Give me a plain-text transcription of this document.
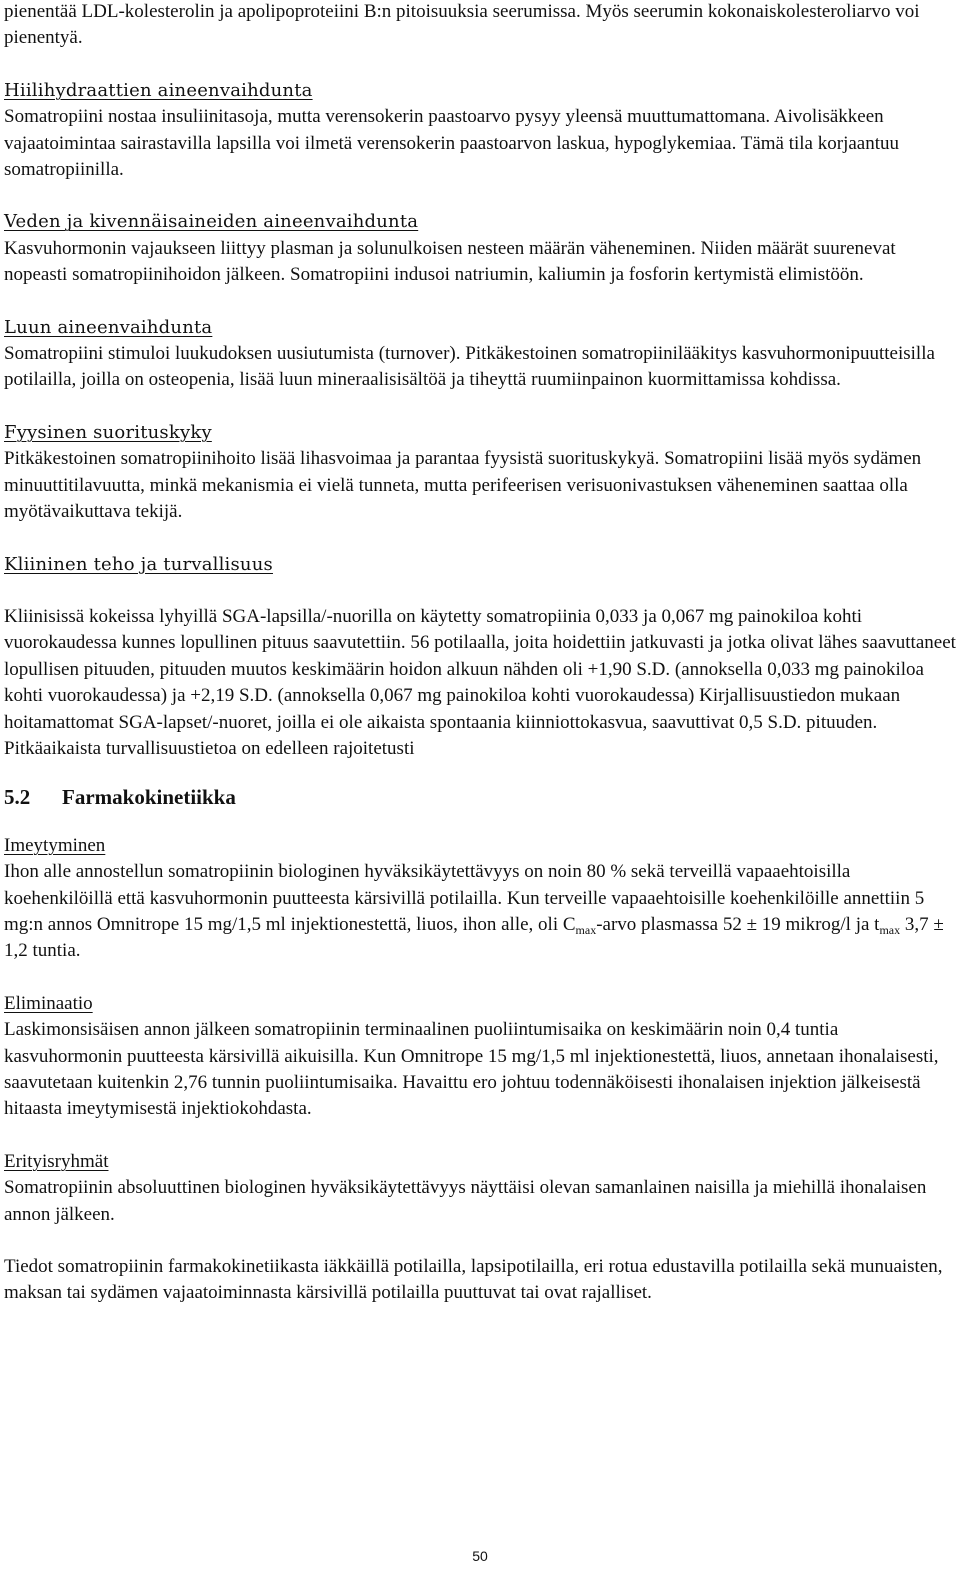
pienentää LDL-kolesterolin ja apolipoproteiini B:n pitoisuuksia seerumissa. Myös seerumin kokonaiskolesteroliarvo voi pienentyä.

Hiilihydraattien aineenvaihdunta

Somatropiini nostaa insuliinitasoja, mutta verensokerin paastoarvo pysyy yleensä muuttumattomana. Aivolisäkkeen vajaatoimintaa sairastavilla lapsilla voi ilmetä verensokerin paastoarvon laskua, hypoglykemiaa. Tämä tila korjaantuu somatropiinilla.

Veden ja kivennäisaineiden aineenvaihdunta

Kasvuhormonin vajaukseen liittyy plasman ja solunulkoisen nesteen määrän väheneminen. Niiden määrät suurenevat nopeasti somatropiinihoidon jälkeen. Somatropiini indusoi natriumin, kaliumin ja fosforin kertymistä elimistöön.

Luun aineenvaihdunta

Somatropiini stimuloi luukudoksen uusiutumista (turnover). Pitkäkestoinen somatropiinilääkitys kasvuhormonipuutteisilla potilailla, joilla on osteopenia, lisää luun mineraalisisältöä ja tiheyttä ruumiinpainon kuormittamissa kohdissa.

Fyysinen suorituskyky

Pitkäkestoinen somatropiinihoito lisää lihasvoimaa ja parantaa fyysistä suorituskykyä. Somatropiini lisää myös sydämen minuuttitilavuutta, minkä mekanismia ei vielä tunneta, mutta perifeerisen verisuonivastuksen väheneminen saattaa olla myötävaikuttava tekijä.

Kliininen teho ja turvallisuus

Kliinisissä kokeissa lyhyillä SGA-lapsilla/-nuorilla on käytetty somatropiinia 0,033 ja 0,067 mg painokiloa kohti vuorokaudessa kunnes lopullinen pituus saavutettiin. 56 potilaalla, joita hoidettiin jatkuvasti ja jotka olivat lähes saavuttaneet lopullisen pituuden, pituuden muutos keskimäärin hoidon alkuun nähden oli +1,90 S.D. (annoksella 0,033 mg painokiloa kohti vuorokaudessa) ja +2,19 S.D. (annoksella 0,067 mg painokiloa kohti vuorokaudessa) Kirjallisuustiedon mukaan hoitamattomat SGA-lapset/-nuoret, joilla ei ole aikaista spontaania kiinniottokasvua, saavuttivat 0,5 S.D. pituuden. Pitkäaikaista turvallisuustietoa on edelleen rajoitetusti

5.2 Farmakokinetiikka

Imeytyminen

Ihon alle annostellun somatropiinin biologinen hyväksikäytettävyys on noin 80 % sekä terveillä vapaaehtoisilla koehenkilöillä että kasvuhormonin puutteesta kärsivillä potilailla. Kun terveille vapaaehtoisille koehenkilöille annettiin 5 mg:n annos Omnitrope 15 mg/1,5 ml injektionestettä, liuos, ihon alle, oli $C_{max}$-arvo plasmassa 52 ± 19 mikrog/l ja $t_{max}$ 3,7 ± 1,2 tuntia.

Eliminaatio

Laskimonsisäisen annon jälkeen somatropiinin terminaalinen puoliintumisaika on keskimäärin noin 0,4 tuntia kasvuhormonin puutteesta kärsivillä aikuisilla. Kun Omnitrope 15 mg/1,5 ml injektionestettä, liuos, annetaan ihonalaisesti, saavutetaan kuitenkin 2,76 tunnin puoliintumisaika. Havaittu ero johtuu todennäköisesti ihonalaisen injektion jälkeisestä hitaasta imeytymisestä injektiokohdasta.

Erityisryhmät

Somatropiinin absoluuttinen biologinen hyväksikäytettävyys näyttäisi olevan samanlainen naisilla ja miehillä ihonalaisen annon jälkeen.

Tiedot somatropiinin farmakokinetiikasta iäkkäillä potilailla, lapsipotilailla, eri rotua edustavilla potilailla sekä munuaisten, maksan tai sydämen vajaatoiminnasta kärsivillä potilailla puuttuvat tai ovat rajalliset.

50
